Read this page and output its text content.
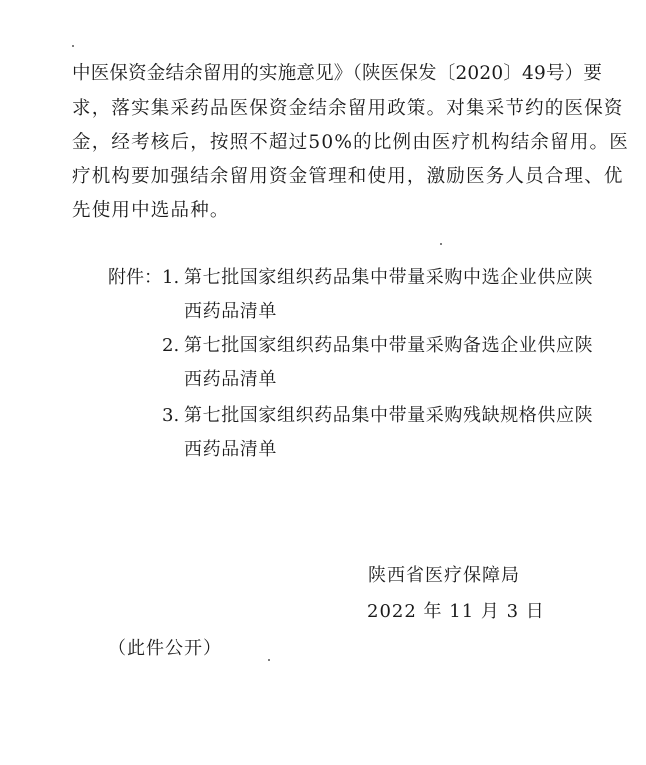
中医保资金结余留用的实施意见》（陕医保发〔2020〕49号）要
求，落实集采药品医保资金结余留用政策。对集采节约的医保资
金，经考核后，按照不超过50%的比例由医疗机构结余留用。医
疗机构要加强结余留用资金管理和使用，激励医务人员合理、优
先使用中选品种。
附件： 1. 第七批国家组织药品集中带量采购中选企业供应陕
西药品清单
2. 第七批国家组织药品集中带量采购备选企业供应陕
西药品清单
3. 第七批国家组织药品集中带量采购残缺规格供应陕
西药品清单
陕西省医疗保障局
2022 年 11 月 3 日
（此件公开）
